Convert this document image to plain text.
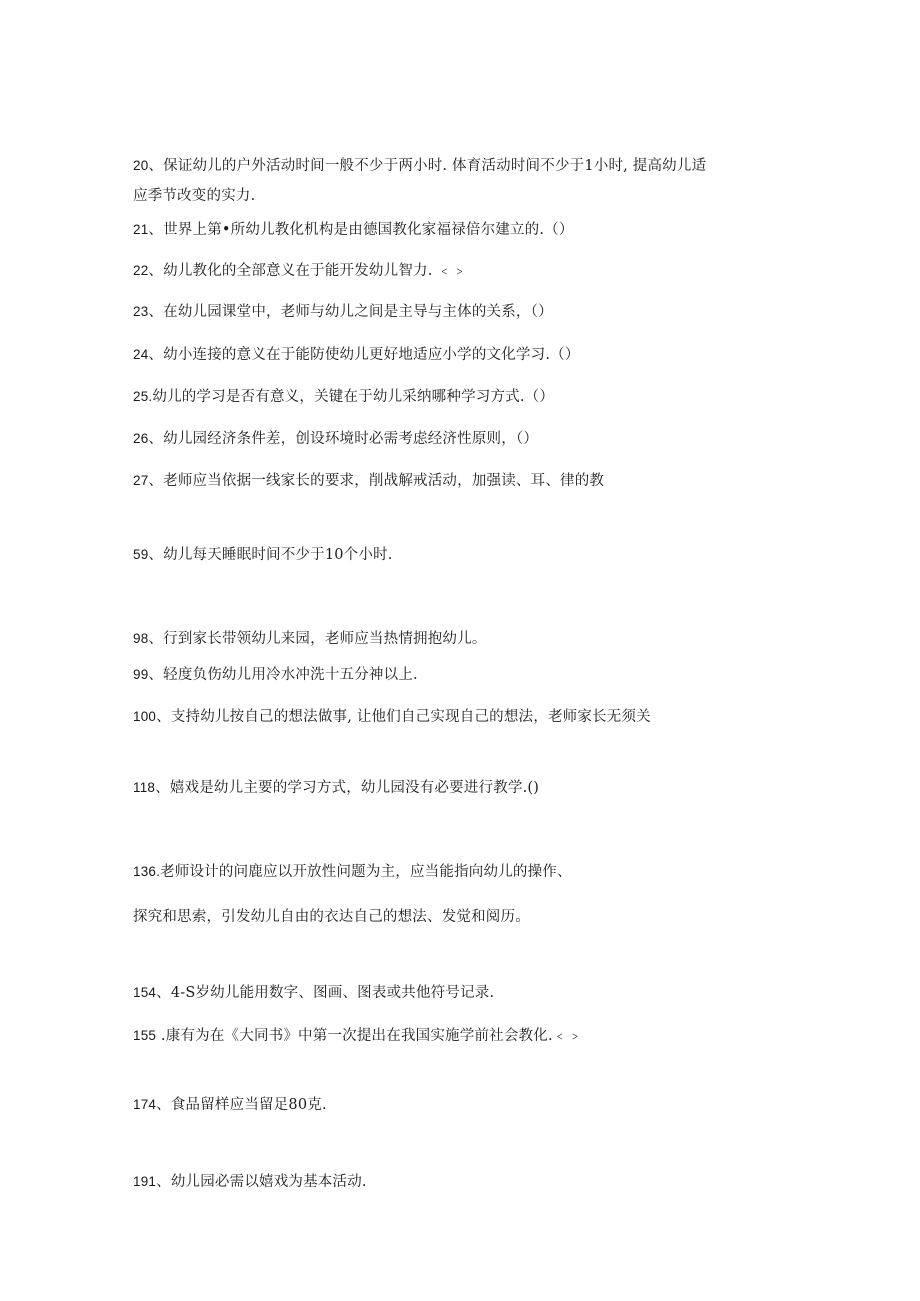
20、保证幼儿的户外活动时间一般不少于两小时. 体育活动时间不少于1小时, 提高幼儿适
应季节改变的实力.
21、世界上第•所幼儿教化机构是由德国教化家福禄倍尔建立的.（）
22、幼儿教化的全部意义在于能开发幼儿智力. ﹤﹥
23、在幼儿园课堂中，老师与幼儿之间是主导与主体的关系，（）
24、幼小连接的意义在于能防使幼儿更好地适应小学的文化学习.（）
25.幼儿的学习是否有意义，关键在于幼儿采纳哪种学习方式.（）
26、幼儿园经济条件差，创设环境时必需考虑经济性原则，（）
27、老师应当依据一线家长的要求，削战解戒活动，加强读、耳、律的教
59、幼儿每天睡眠时间不少于10个小时.
98、行到家长带领幼儿来园，老师应当热情拥抱幼儿。
99、轻度负伤幼儿用冷水冲洗十五分神以上.
100、支持幼儿按自己的想法做事, 让他们自己实现自己的想法，老师家长无须关
118、嬉戏是幼儿主要的学习方式，幼儿园没有必要进行教学.()
136.老师设计的问鹿应以开放性问题为主，应当能指向幼儿的操作、
探究和思索，引发幼儿自由的衣达自己的想法、发觉和阅历。
154、4-S岁幼儿能用数字、图画、图表或共他符号记录.
155 .康有为在《大同书》中第一次提出在我国实施学前社会教化.﹤﹥
174、食品留样应当留足80克.
191、幼儿园必需以嬉戏为基本活动.
